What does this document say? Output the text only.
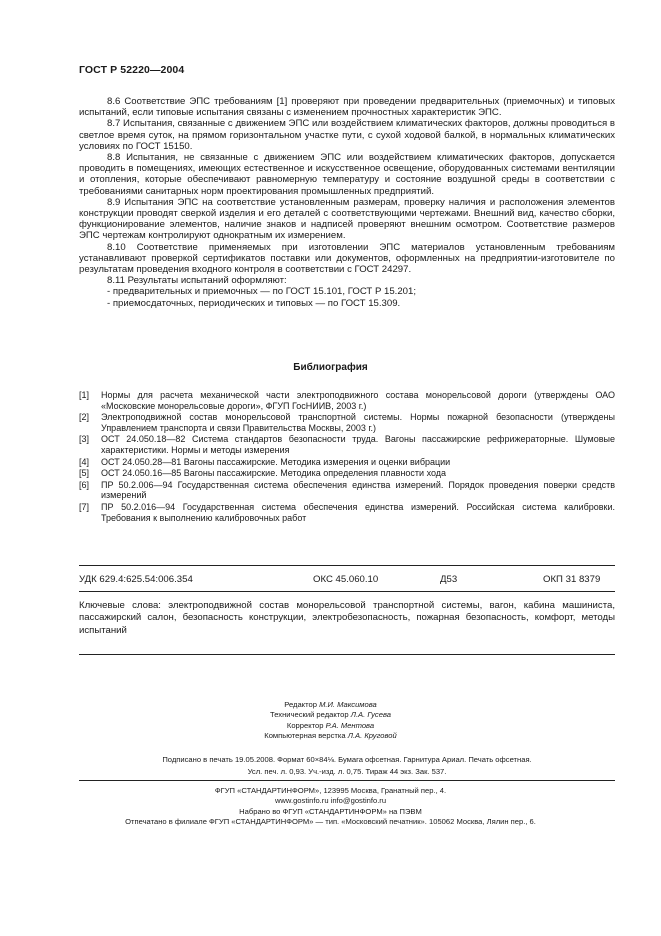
ГОСТ Р 52220—2004

8.6 Соответствие ЭПС требованиям [1] проверяют при проведении предварительных (приемочных) и типовых испытаний, если типовые испытания связаны с изменением прочностных характеристик ЭПС.

8.7 Испытания, связанные с движением ЭПС или воздействием климатических факторов, должны проводиться в светлое время суток, на прямом горизонтальном участке пути, с сухой ходовой балкой, в нормальных климатических условиях по ГОСТ 15150.

8.8 Испытания, не связанные с движением ЭПС или воздействием климатических факторов, допускается проводить в помещениях, имеющих естественное и искусственное освещение, оборудованных системами вентиляции и отопления, которые обеспечивают равномерную температуру и состояние воздушной среды в соответствии с требованиями санитарных норм проектирования промышленных предприятий.

8.9 Испытания ЭПС на соответствие установленным размерам, проверку наличия и расположения элементов конструкции проводят сверкой изделия и его деталей с соответствующими чертежами. Внешний вид, качество сборки, функционирование элементов, наличие знаков и надписей проверяют внешним осмотром. Соответствие размеров ЭПС чертежам контролируют однократным их измерением.

8.10 Соответствие применяемых при изготовлении ЭПС материалов установленным требованиям устанавливают проверкой сертификатов поставки или документов, оформленных на предприятии-изготовителе по результатам проведения входного контроля в соответствии с ГОСТ 24297.

8.11 Результаты испытаний оформляют:

- предварительных и приемочных — по ГОСТ 15.101, ГОСТ Р 15.201;

- приемосдаточных, периодических и типовых — по ГОСТ 15.309.

Библиография
[1]	Нормы для расчета механической части электроподвижного состава монорельсовой дороги (утверждены ОАО «Московские монорельсовые дороги», ФГУП ГосНИИВ, 2003 г.)
[2]	Электроподвижной состав монорельсовой транспортной системы. Нормы пожарной безопасности (утверждены Управлением транспорта и связи Правительства Москвы, 2003 г.)
[3]	ОСТ 24.050.18—82 Система стандартов безопасности труда. Вагоны пассажирские рефрижераторные. Шумовые характеристики. Нормы и методы измерения
[4]	ОСТ 24.050.28—81 Вагоны пассажирские. Методика измерения и оценки вибрации
[5]	ОСТ 24.050.16—85 Вагоны пассажирские. Методика определения плавности хода
[6]	ПР 50.2.006—94 Государственная система обеспечения единства измерений. Порядок проведения поверки средств измерений
[7]	ПР 50.2.016—94 Государственная система обеспечения единства измерений. Российская система калибровки. Требования к выполнению калибровочных работ
УДК 629.4:625.54:006.354	ОКС 45.060.10	Д53	ОКП 31 8379
Ключевые слова: электроподвижной состав монорельсовой транспортной системы, вагон, кабина машиниста, пассажирский салон, безопасность конструкции, электробезопасность, пожарная безопасность, комфорт, методы испытаний
Редактор М.И. Максимова
Технический редактор Л.А. Гусева
Корректор Р.А. Ментова
Компьютерная верстка Л.А. Круговой
Подписано в печать 19.05.2008. Формат 60×84⅛. Бумага офсетная. Гарнитура Ариал. Печать офсетная.
Усл. печ. л. 0,93. Уч.-изд. л. 0,75. Тираж 44 экз. Зак. 537.
ФГУП «СТАНДАРТИНФОРМ», 123995 Москва, Гранатный пер., 4.
www.gostinfo.ru info@gostinfo.ru
Набрано во ФГУП «СТАНДАРТИНФОРМ» на ПЭВМ
Отпечатано в филиале ФГУП «СТАНДАРТИНФОРМ» — тип. «Московский печатник». 105062 Москва, Лялин пер., 6.
